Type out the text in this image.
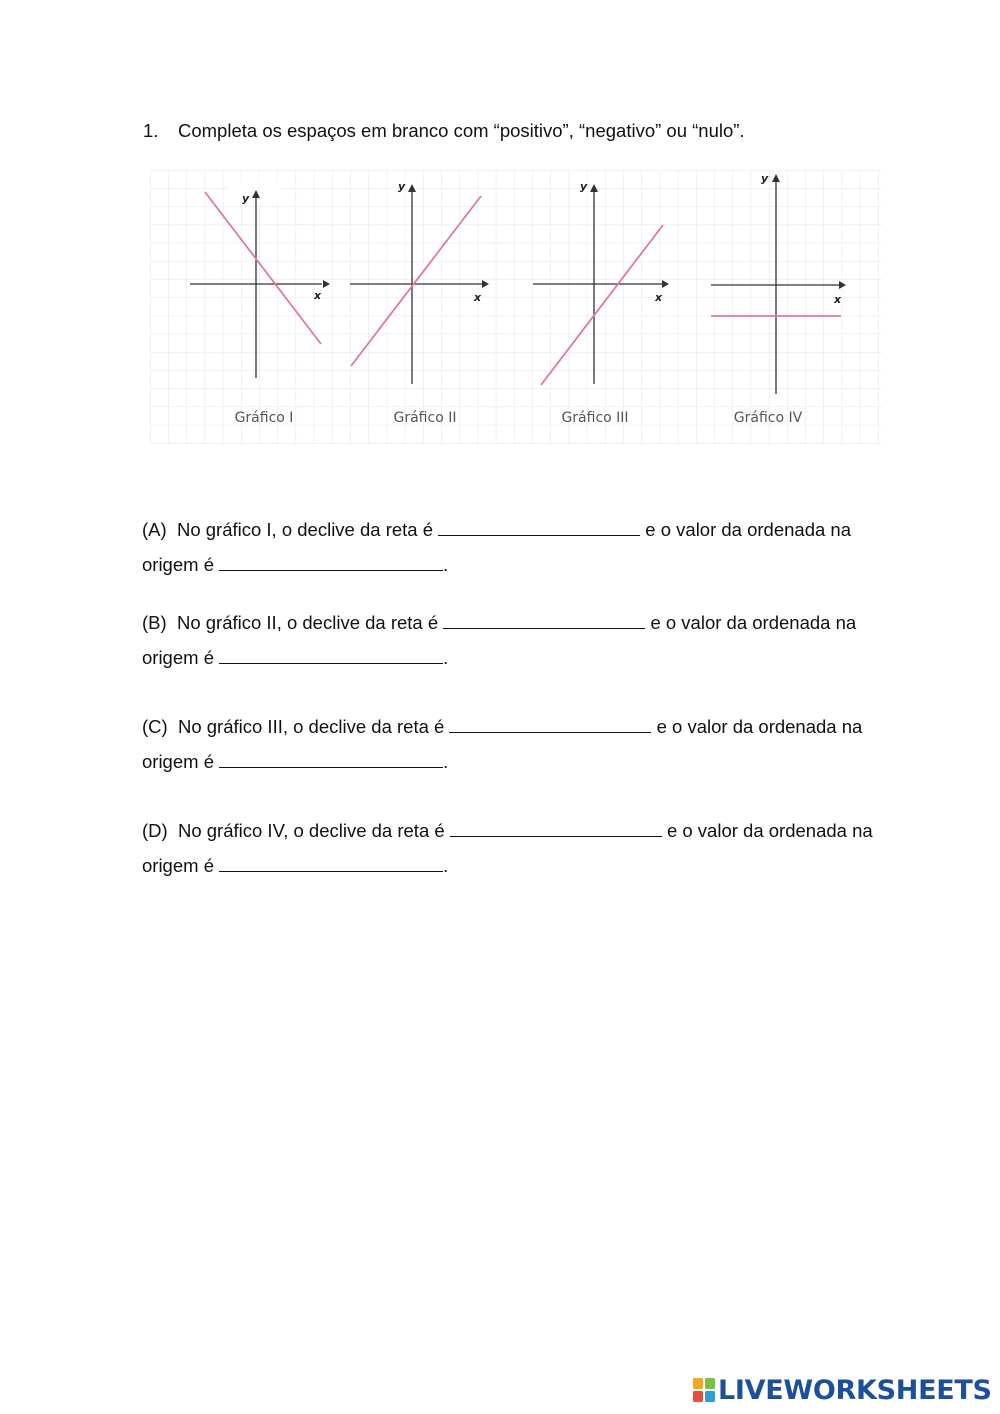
1. Completa os espaços em branco com “positivo”, “negativo” ou “nulo”.
y
x
Gráfico I
y
x
Gráfico II
y
x
Gráfico III
y
x
Gráfico IV
(A) No gráfico I, o declive da reta é	e o valor da ordenada na
origem é	.
(B) No gráfico II, o declive da reta é	e o valor da ordenada na
origem é	.
(C) No gráfico III, o declive da reta é	e o valor da ordenada na
origem é	.
(D) No gráfico IV, o declive da reta é	e o valor da ordenada na
origem é	.
LIVEWORKSHEETS
